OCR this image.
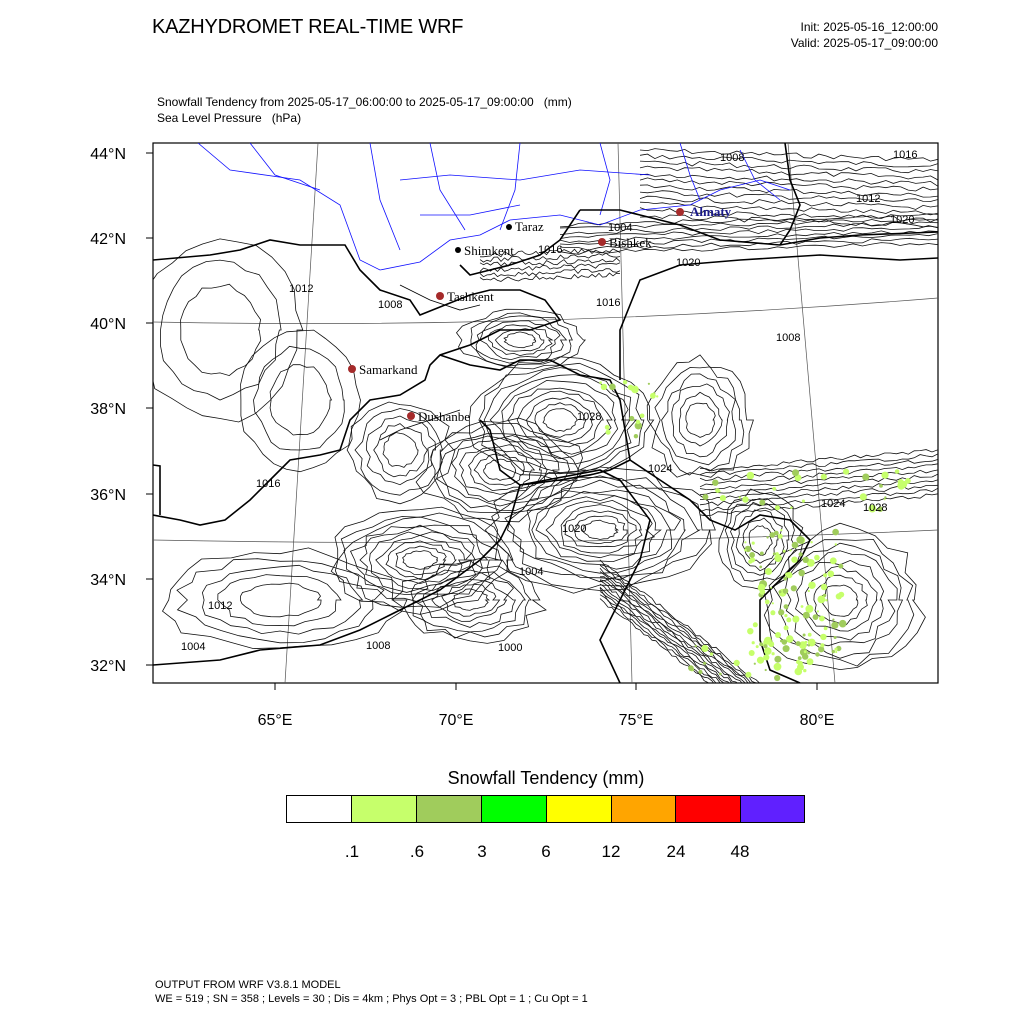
KAZHYDROMET REAL-TIME WRF	Init: 2025-05-16_12:00:00
Valid: 2025-05-17_09:00:00
Snowfall Tendency from 2025-05-17_06:00:00 to 2025-05-17_09:00:00   (mm)
Sea Level Pressure   (hPa)
44°N
42°N
40°N
38°N
36°N
34°N
32°N
65°E	70°E	75°E	80°E
1008	1016
1012
1020
1004
1008
1016
1020
1016
1012
1008
1004	1000
1028
1024
1012
1016
1020
1024 1028
1008
1004
Almaty
Bishkek
Taraz
Shimkent
Tashkent
Samarkand
Dushanbe
Snowfall Tendency (mm)
.1	.6	3	6	12	24	48
OUTPUT FROM WRF V3.8.1 MODEL
WE = 519 ; SN = 358 ; Levels = 30 ; Dis = 4km ; Phys Opt = 3 ; PBL Opt = 1 ; Cu Opt = 1
